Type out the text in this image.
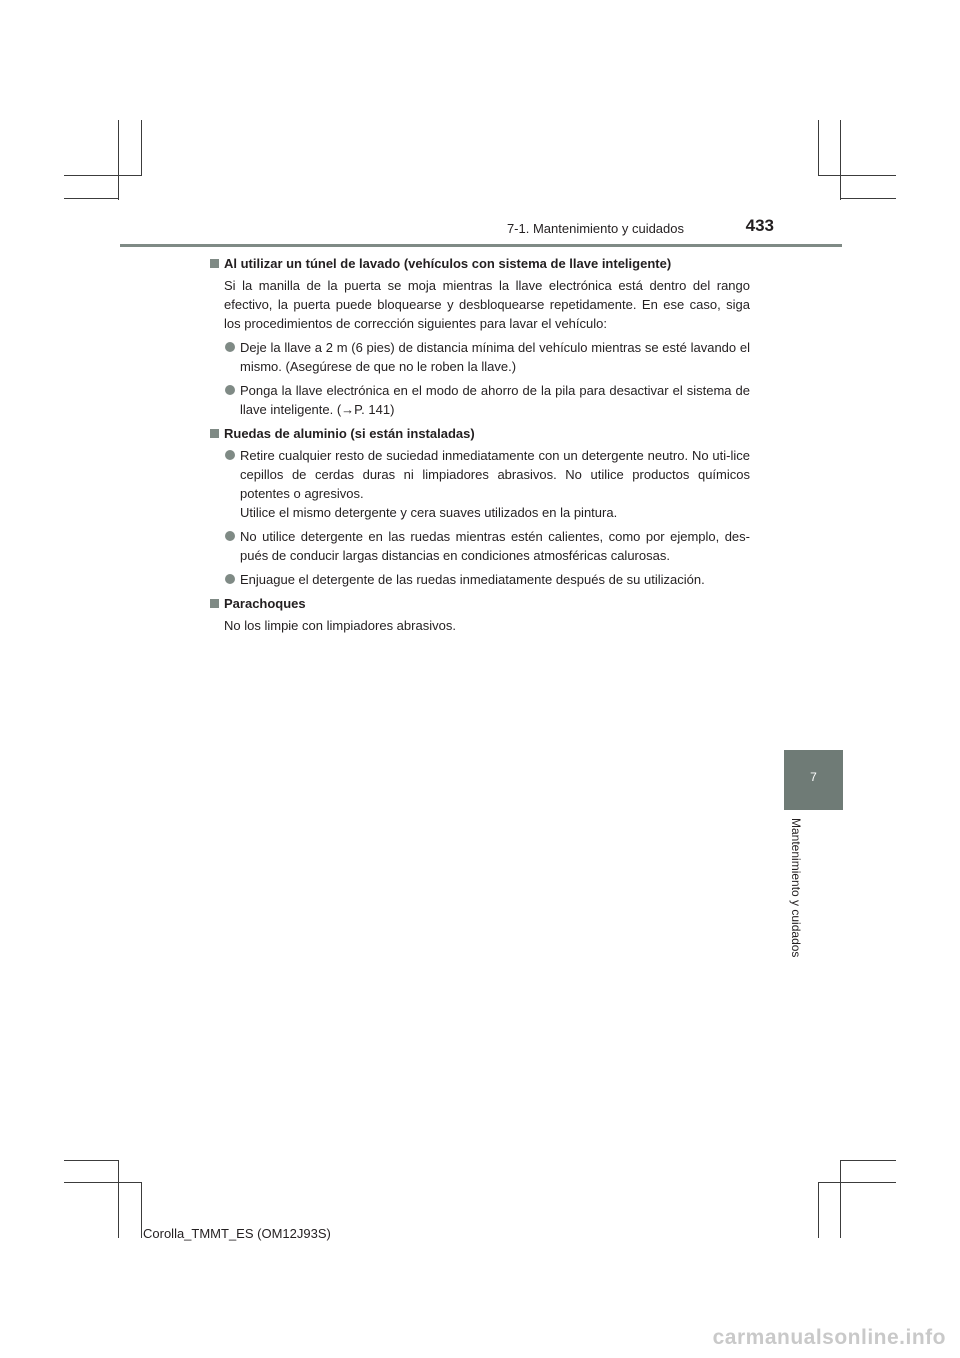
7-1. Mantenimiento y cuidados	433
Al utilizar un túnel de lavado (vehículos con sistema de llave inteligente)
Si la manilla de la puerta se moja mientras la llave electrónica está dentro del rango efectivo, la puerta puede bloquearse y desbloquearse repetidamente. En ese caso, siga los procedimientos de corrección siguientes para lavar el vehículo:
Deje la llave a 2 m (6 pies) de distancia mínima del vehículo mientras se esté lavando el mismo. (Asegúrese de que no le roben la llave.)
Ponga la llave electrónica en el modo de ahorro de la pila para desactivar el sistema de llave inteligente. (→P. 141)
Ruedas de aluminio (si están instaladas)
Retire cualquier resto de suciedad inmediatamente con un detergente neutro. No uti-lice cepillos de cerdas duras ni limpiadores abrasivos. No utilice productos químicos potentes o agresivos.
Utilice el mismo detergente y cera suaves utilizados en la pintura.
No utilice detergente en las ruedas mientras estén calientes, como por ejemplo, des-pués de conducir largas distancias en condiciones atmosféricas calurosas.
Enjuague el detergente de las ruedas inmediatamente después de su utilización.
Parachoques
No los limpie con limpiadores abrasivos.
7
Mantenimiento y cuidados
Corolla_TMMT_ES (OM12J93S)
carmanualsonline.info
